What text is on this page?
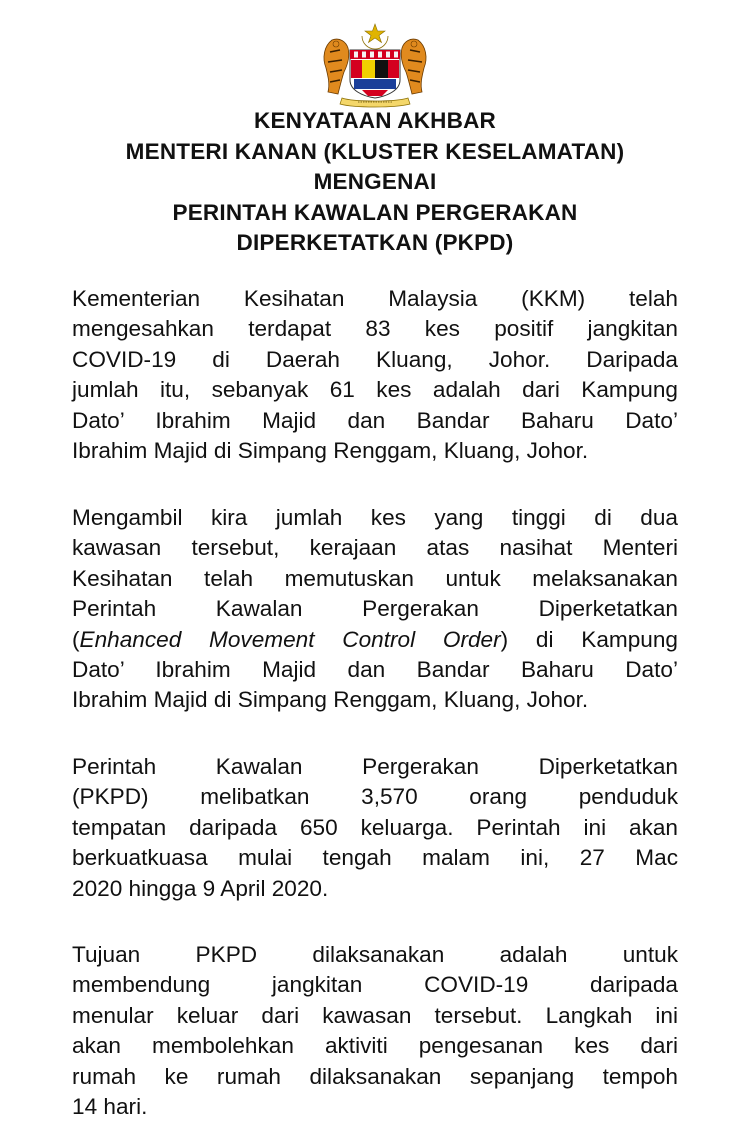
KENYATAAN AKHBAR
MENTERI KANAN (KLUSTER KESELAMATAN)
MENGENAI
PERINTAH KAWALAN PERGERAKAN
DIPERKETATKAN (PKPD)

Kementerian Kesihatan Malaysia (KKM) telah
mengesahkan terdapat 83 kes positif jangkitan
COVID-19 di Daerah Kluang, Johor. Daripada
jumlah itu, sebanyak 61 kes adalah dari Kampung
Dato’ Ibrahim Majid dan Bandar Baharu Dato’
Ibrahim Majid di Simpang Renggam, Kluang, Johor.

Mengambil kira jumlah kes yang tinggi di dua
kawasan tersebut, kerajaan atas nasihat Menteri
Kesihatan telah memutuskan untuk melaksanakan
Perintah Kawalan Pergerakan Diperketatkan
(Enhanced Movement Control Order) di Kampung
Dato’ Ibrahim Majid dan Bandar Baharu Dato’
Ibrahim Majid di Simpang Renggam, Kluang, Johor.

Perintah Kawalan Pergerakan Diperketatkan
(PKPD) melibatkan 3,570 orang penduduk
tempatan daripada 650 keluarga. Perintah ini akan
berkuatkuasa mulai tengah malam ini, 27 Mac
2020 hingga 9 April 2020.

Tujuan PKPD dilaksanakan adalah untuk
membendung jangkitan COVID-19 daripada
menular keluar dari kawasan tersebut. Langkah ini
akan membolehkan aktiviti pengesanan kes dari
rumah ke rumah dilaksanakan sepanjang tempoh
14 hari.
